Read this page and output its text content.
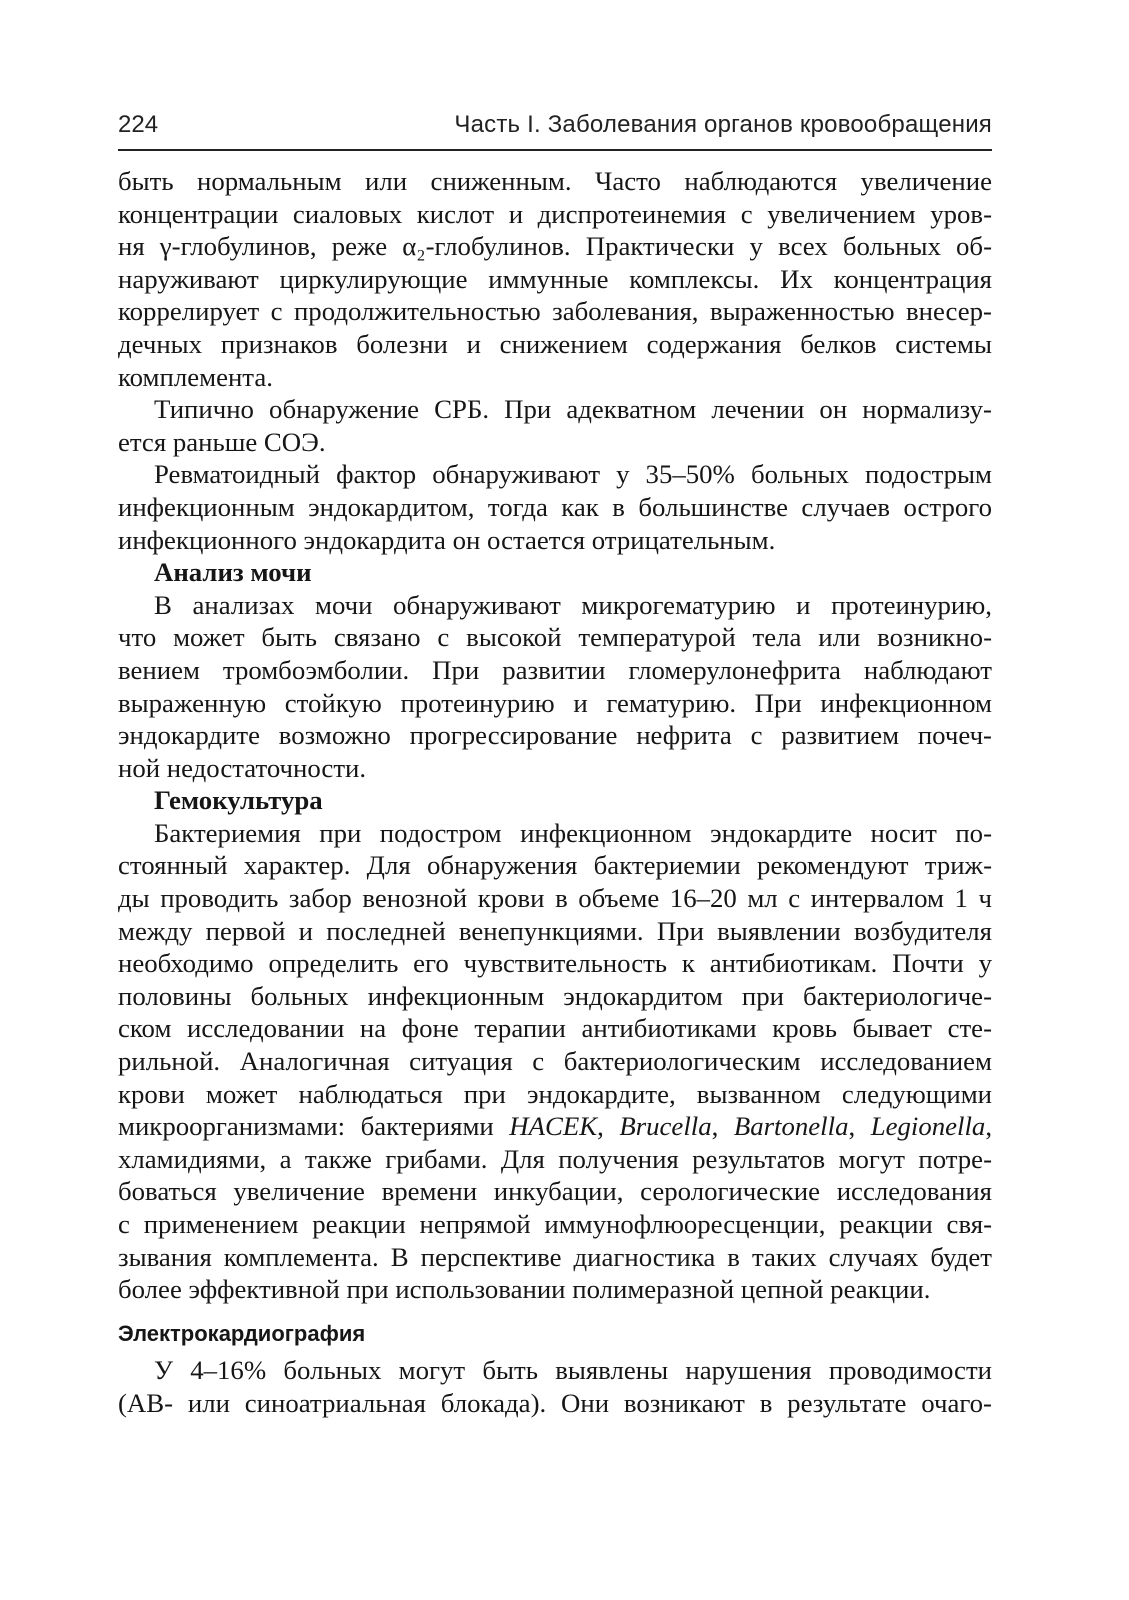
224	Часть I. Заболевания органов кровообращения
быть нормальным или сниженным. Часто наблюдаются увеличение
концентрации сиаловых кислот и диспротеинемия с увеличением уров-
ня γ-глобулинов, реже α₂-глобулинов. Практически у всех больных об-
наруживают циркулирующие иммунные комплексы. Их концентрация
коррелирует с продолжительностью заболевания, выраженностью внесер-
дечных признаков болезни и снижением содержания белков системы
комплемента.
Типично обнаружение СРБ. При адекватном лечении он нормализу-
ется раньше СОЭ.
Ревматоидный фактор обнаруживают у 35–50% больных подострым
инфекционным эндокардитом, тогда как в большинстве случаев острого
инфекционного эндокардита он остается отрицательным.
Анализ мочи
В анализах мочи обнаруживают микрогематурию и протеинурию,
что может быть связано с высокой температурой тела или возникно-
вением тромбоэмболии. При развитии гломерулонефрита наблюдают
выраженную стойкую протеинурию и гематурию. При инфекционном
эндокардите возможно прогрессирование нефрита с развитием почеч-
ной недостаточности.
Гемокультура
Бактериемия при подостром инфекционном эндокардите носит по-
стоянный характер. Для обнаружения бактериемии рекомендуют триж-
ды проводить забор венозной крови в объеме 16–20 мл с интервалом 1 ч
между первой и последней венепункциями. При выявлении возбудителя
необходимо определить его чувствительность к антибиотикам. Почти у
половины больных инфекционным эндокардитом при бактериологиче-
ском исследовании на фоне терапии антибиотиками кровь бывает сте-
рильной. Аналогичная ситуация с бактериологическим исследованием
крови может наблюдаться при эндокардите, вызванном следующими
микроорганизмами: бактериями HACEK, Brucella, Bartonella, Legionella,
хламидиями, а также грибами. Для получения результатов могут потре-
боваться увеличение времени инкубации, серологические исследования
с применением реакции непрямой иммунофлюоресценции, реакции свя-
зывания комплемента. В перспективе диагностика в таких случаях будет
более эффективной при использовании полимеразной цепной реакции.
Электрокардиография
У 4–16% больных могут быть выявлены нарушения проводимости
(АВ- или синоатриальная блокада). Они возникают в результате очаго-
